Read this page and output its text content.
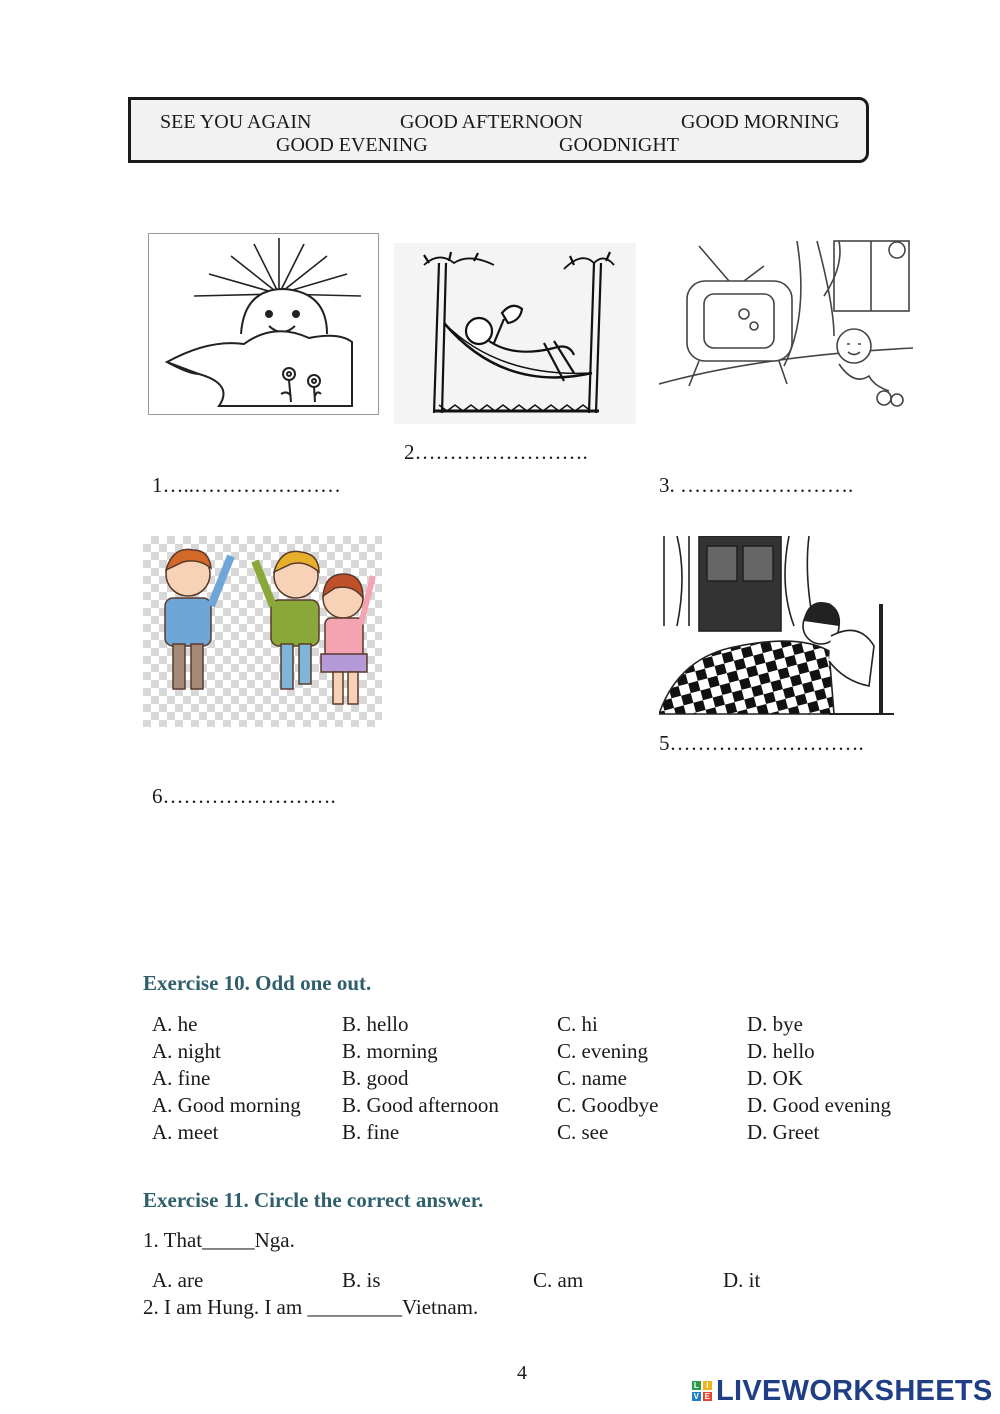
SEE YOU AGAIN	GOOD AFTERNOON	GOOD MORNING
GOOD EVENING	GOODNIGHT
2…………………….
1…..…………………	3. …………………….
5……………………….
6…………………….
Exercise 10. Odd one out.
A. he	B. hello	C. hi	D. bye
A. night	B. morning	C. evening	D. hello
A. fine	B. good	C. name	D. OK
A. Good morning B. Good afternoon	C. Goodbye	D. Good evening
A. meet	B. fine	C. see	D. Greet
Exercise 11. Circle the correct answer.
1. That_____Nga.
A. are	B. is	C. am	D. it
2. I am Hung. I am _________Vietnam.
4
L I
V E LIVEWORKSHEETS
